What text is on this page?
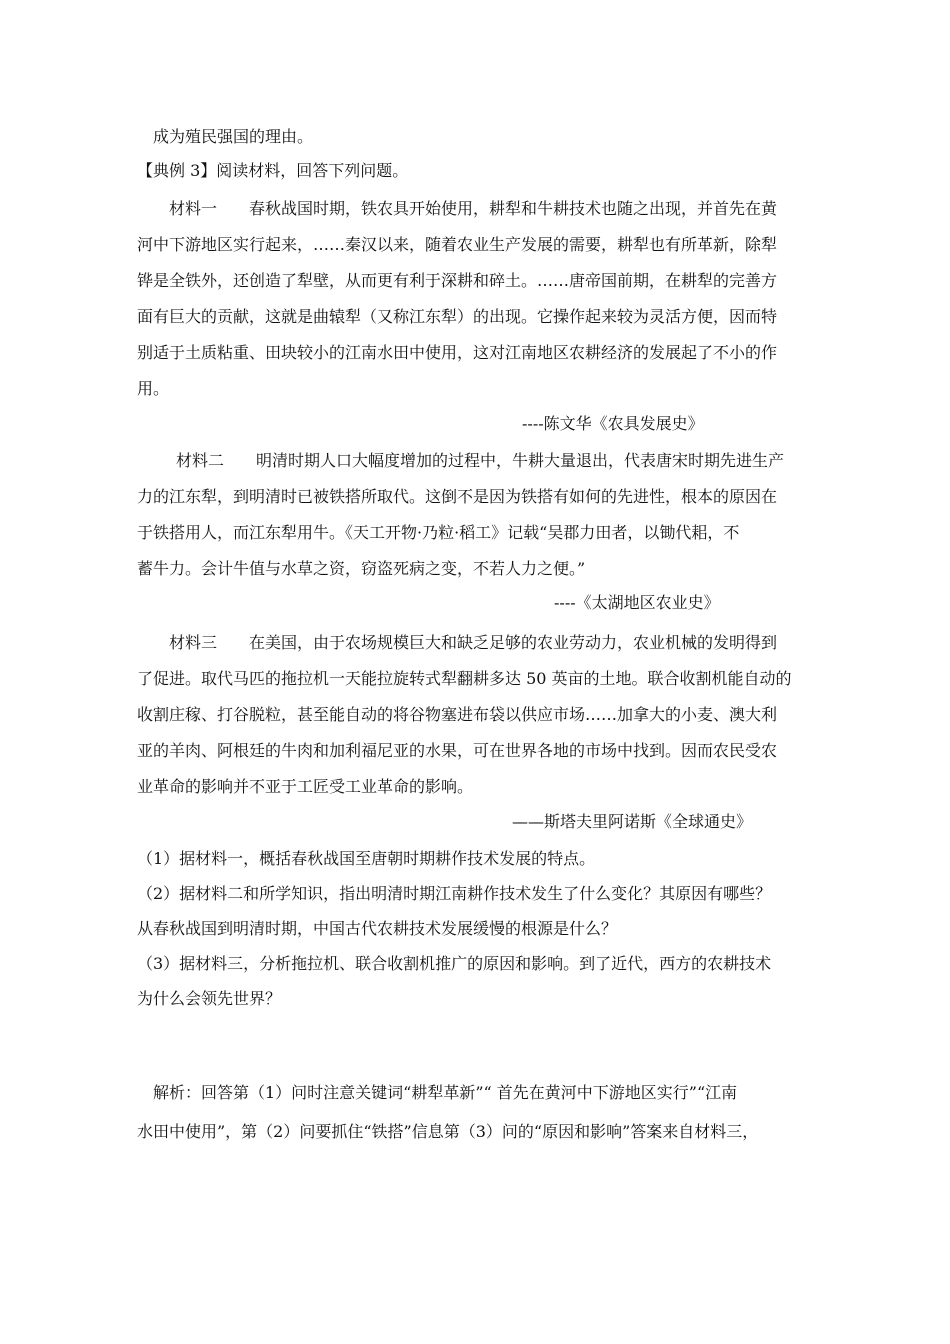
成为殖民强国的理由。
【典例 3】阅读材料，回答下列问题。
材料一 春秋战国时期，铁农具开始使用，耕犁和牛耕技术也随之出现，并首先在黄
河中下游地区实行起来，……秦汉以来，随着农业生产发展的需要，耕犁也有所革新，除犁
铧是全铁外，还创造了犁壁，从而更有利于深耕和碎土。……唐帝国前期，在耕犁的完善方
面有巨大的贡献，这就是曲辕犁（又称江东犁）的出现。它操作起来较为灵活方便，因而特
别适于土质粘重、田块较小的江南水田中使用，这对江南地区农耕经济的发展起了不小的作
用。
----陈文华《农具发展史》
材料二 明清时期人口大幅度增加的过程中，牛耕大量退出，代表唐宋时期先进生产
力的江东犁，到明清时已被铁搭所取代。这倒不是因为铁搭有如何的先进性，根本的原因在
于铁搭用人，而江东犁用牛。《天工开物·乃粒·稻工》记载“吴郡力田者，以锄代耜，不
蓄牛力。会计牛值与水草之资，窃盗死病之变，不若人力之便。”
----《太湖地区农业史》
材料三 在美国，由于农场规模巨大和缺乏足够的农业劳动力，农业机械的发明得到
了促进。取代马匹的拖拉机一天能拉旋转式犁翻耕多达 50 英亩的土地。联合收割机能自动的
收割庄稼、打谷脱粒，甚至能自动的将谷物塞进布袋以供应市场……加拿大的小麦、澳大利
亚的羊肉、阿根廷的牛肉和加利福尼亚的水果，可在世界各地的市场中找到。因而农民受农
业革命的影响并不亚于工匠受工业革命的影响。
——斯塔夫里阿诺斯《全球通史》
（1）据材料一，概括春秋战国至唐朝时期耕作技术发展的特点。
（2）据材料二和所学知识，指出明清时期江南耕作技术发生了什么变化？其原因有哪些？
从春秋战国到明清时期，中国古代农耕技术发展缓慢的根源是什么？
（3）据材料三，分析拖拉机、联合收割机推广的原因和影响。到了近代，西方的农耕技术
为什么会领先世界？
解析：回答第（1）问时注意关键词“耕犁革新”“ 首先在黄河中下游地区实行”“江南
水田中使用”，第（2）问要抓住“铁搭”信息第（3）问的“原因和影响”答案来自材料三，
